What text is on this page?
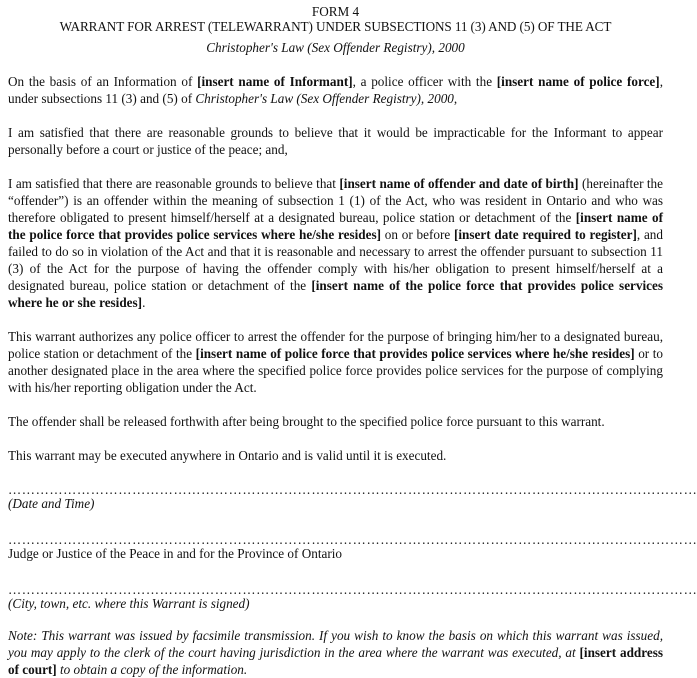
FORM 4
WARRANT FOR ARREST (TELEWARRANT) UNDER SUBSECTIONS 11 (3) AND (5) OF THE ACT
Christopher's Law (Sex Offender Registry), 2000

On the basis of an Information of [insert name of Informant], a police officer with the [insert name of police force], under subsections 11 (3) and (5) of Christopher's Law (Sex Offender Registry), 2000,

I am satisfied that there are reasonable grounds to believe that it would be impracticable for the Informant to appear personally before a court or justice of the peace; and,

I am satisfied that there are reasonable grounds to believe that [insert name of offender and date of birth] (hereinafter the “offender”) is an offender within the meaning of subsection 1 (1) of the Act, who was resident in Ontario and who was therefore obligated to present himself/herself at a designated bureau, police station or detachment of the [insert name of the police force that provides police services where he/she resides] on or before [insert date required to register], and failed to do so in violation of the Act and that it is reasonable and necessary to arrest the offender pursuant to subsection 11 (3) of the Act for the purpose of having the offender comply with his/her obligation to present himself/herself at a designated bureau, police station or detachment of the [insert name of the police force that provides police services where he or she resides].

This warrant authorizes any police officer to arrest the offender for the purpose of bringing him/her to a designated bureau, police station or detachment of the [insert name of police force that provides police services where he/she resides] or to another designated place in the area where the specified police force provides police services for the purpose of complying with his/her reporting obligation under the Act.

The offender shall be released forthwith after being brought to the specified police force pursuant to this warrant.

This warrant may be executed anywhere in Ontario and is valid until it is executed.

……………………………………………………………………………………………………………………………………
(Date and Time)
……………………………………………………………………………………………………………………………………
Judge or Justice of the Peace in and for the Province of Ontario
……………………………………………………………………………………………………………………………………
(City, town, etc. where this Warrant is signed)

Note: This warrant was issued by facsimile transmission. If you wish to know the basis on which this warrant was issued, you may apply to the clerk of the court having jurisdiction in the area where the warrant was executed, at [insert address of court] to obtain a copy of the information.
